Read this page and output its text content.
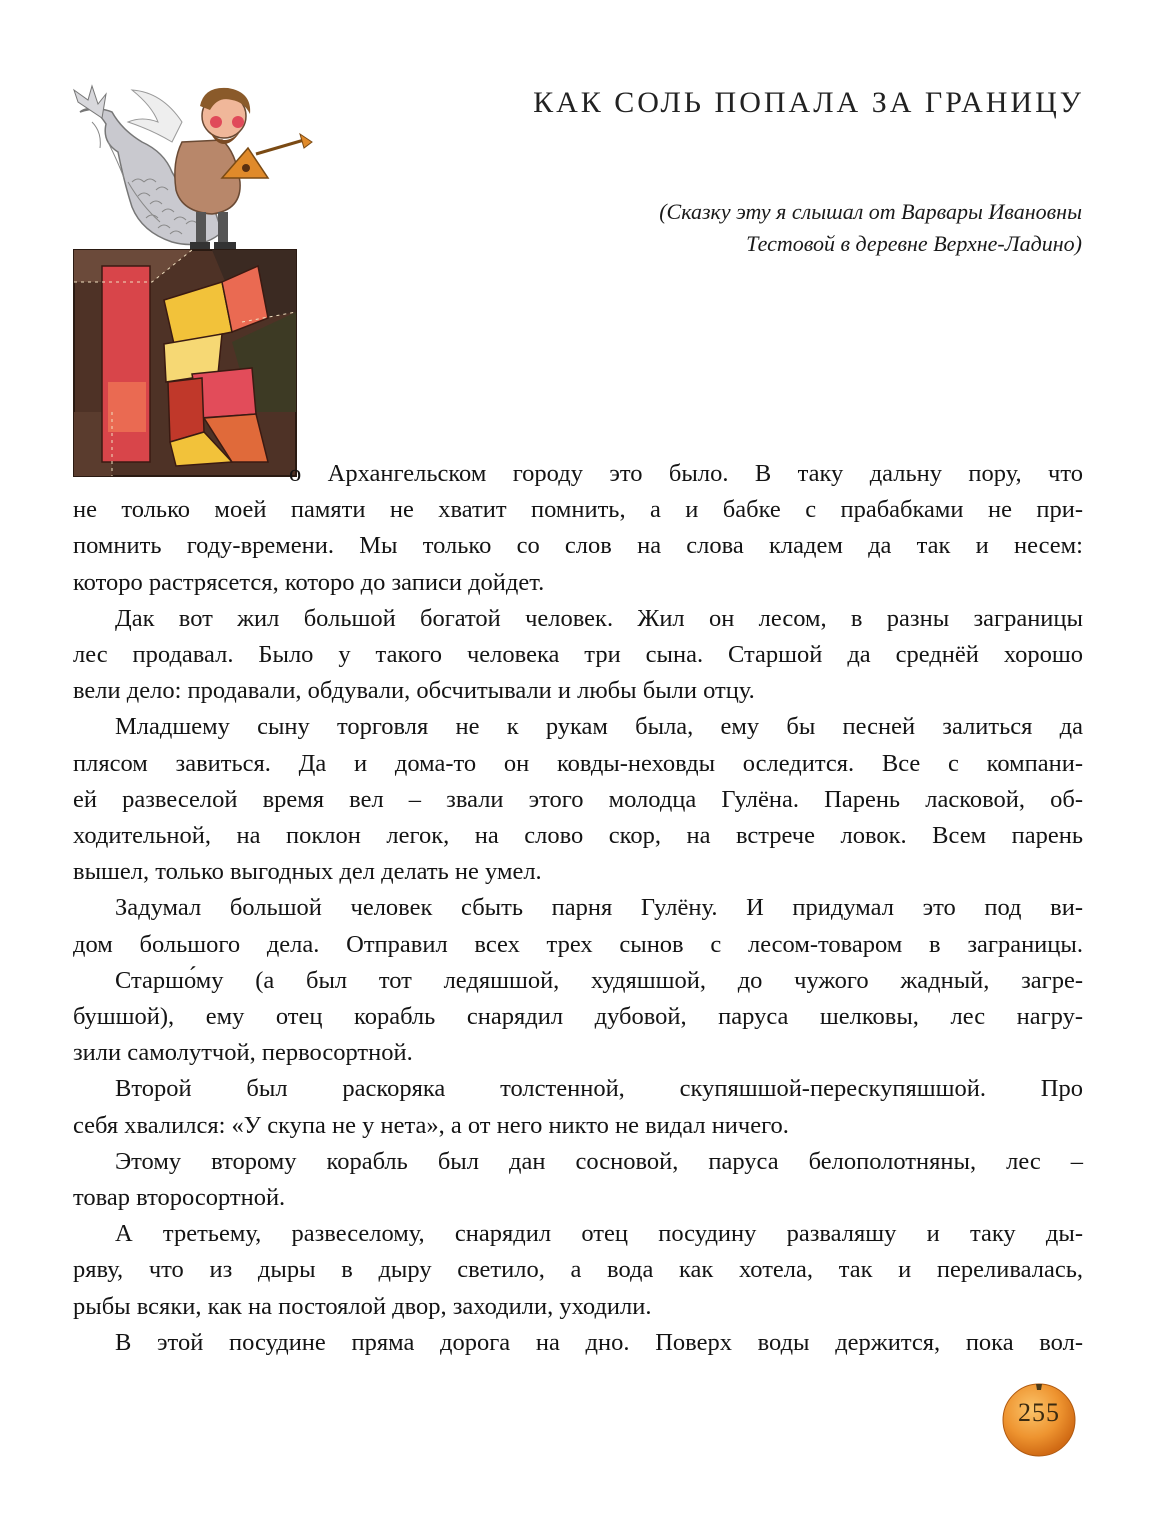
КАК СОЛЬ ПОПАЛА ЗА ГРАНИЦУ
(Сказку эту я слышал от Варвары Ивановны
Тестовой в деревне Верхне-Ладино)
о Архангельском городу это было. В таку дальну пору, что
не только моей памяти не хватит помнить, а и бабке с прабабками не при-
помнить году-времени. Мы только со слов на слова кладем да так и несем:
которо растрясется, которо до записи дойдет.
Дак вот жил большой богатой человек. Жил он лесом, в разны заграницы
лес продавал. Было у такого человека три сына. Старшой да среднёй хорошо
вели дело: продавали, обдували, обсчитывали и любы были отцу.
Младшему сыну торговля не к рукам была, ему бы песней залиться да
плясом завиться. Да и дома-то он ковды-неховды оследится. Все с компани-
ей развеселой время вел – звали этого молодца Гулёна. Парень ласковой, об-
ходительной, на поклон легок, на слово скор, на встрече ловок. Всем парень
вышел, только выгодных дел делать не умел.
Задумал большой человек сбыть парня Гулёну. И придумал это под ви-
дом большого дела. Отправил всех трех сынов с лесом-товаром в заграницы.
Старшо́му (а был тот ледяшшой, худяшшой, до чужого жадный, загре-
бушшой), ему отец корабль снарядил дубовой, паруса шелковы, лес нагру-
зили самолутчой, первосортной.
Второй был раскоряка толстенной, скупяшшой-перескупяшшой. Про
себя хвалился: «У скупа не у нета», а от него никто не видал ничего.
Этому второму корабль был дан сосновой, паруса белополотняны, лес –
товар второсортной.
А третьему, развеселому, снарядил отец посудину разваляшу и таку ды-
ряву, что из дыры в дыру светило, а вода как хотела, так и переливалась,
рыбы всяки, как на постоялой двор, заходили, уходили.
В этой посудине пряма дорога на дно. Поверх воды держится, пока вол-
255
